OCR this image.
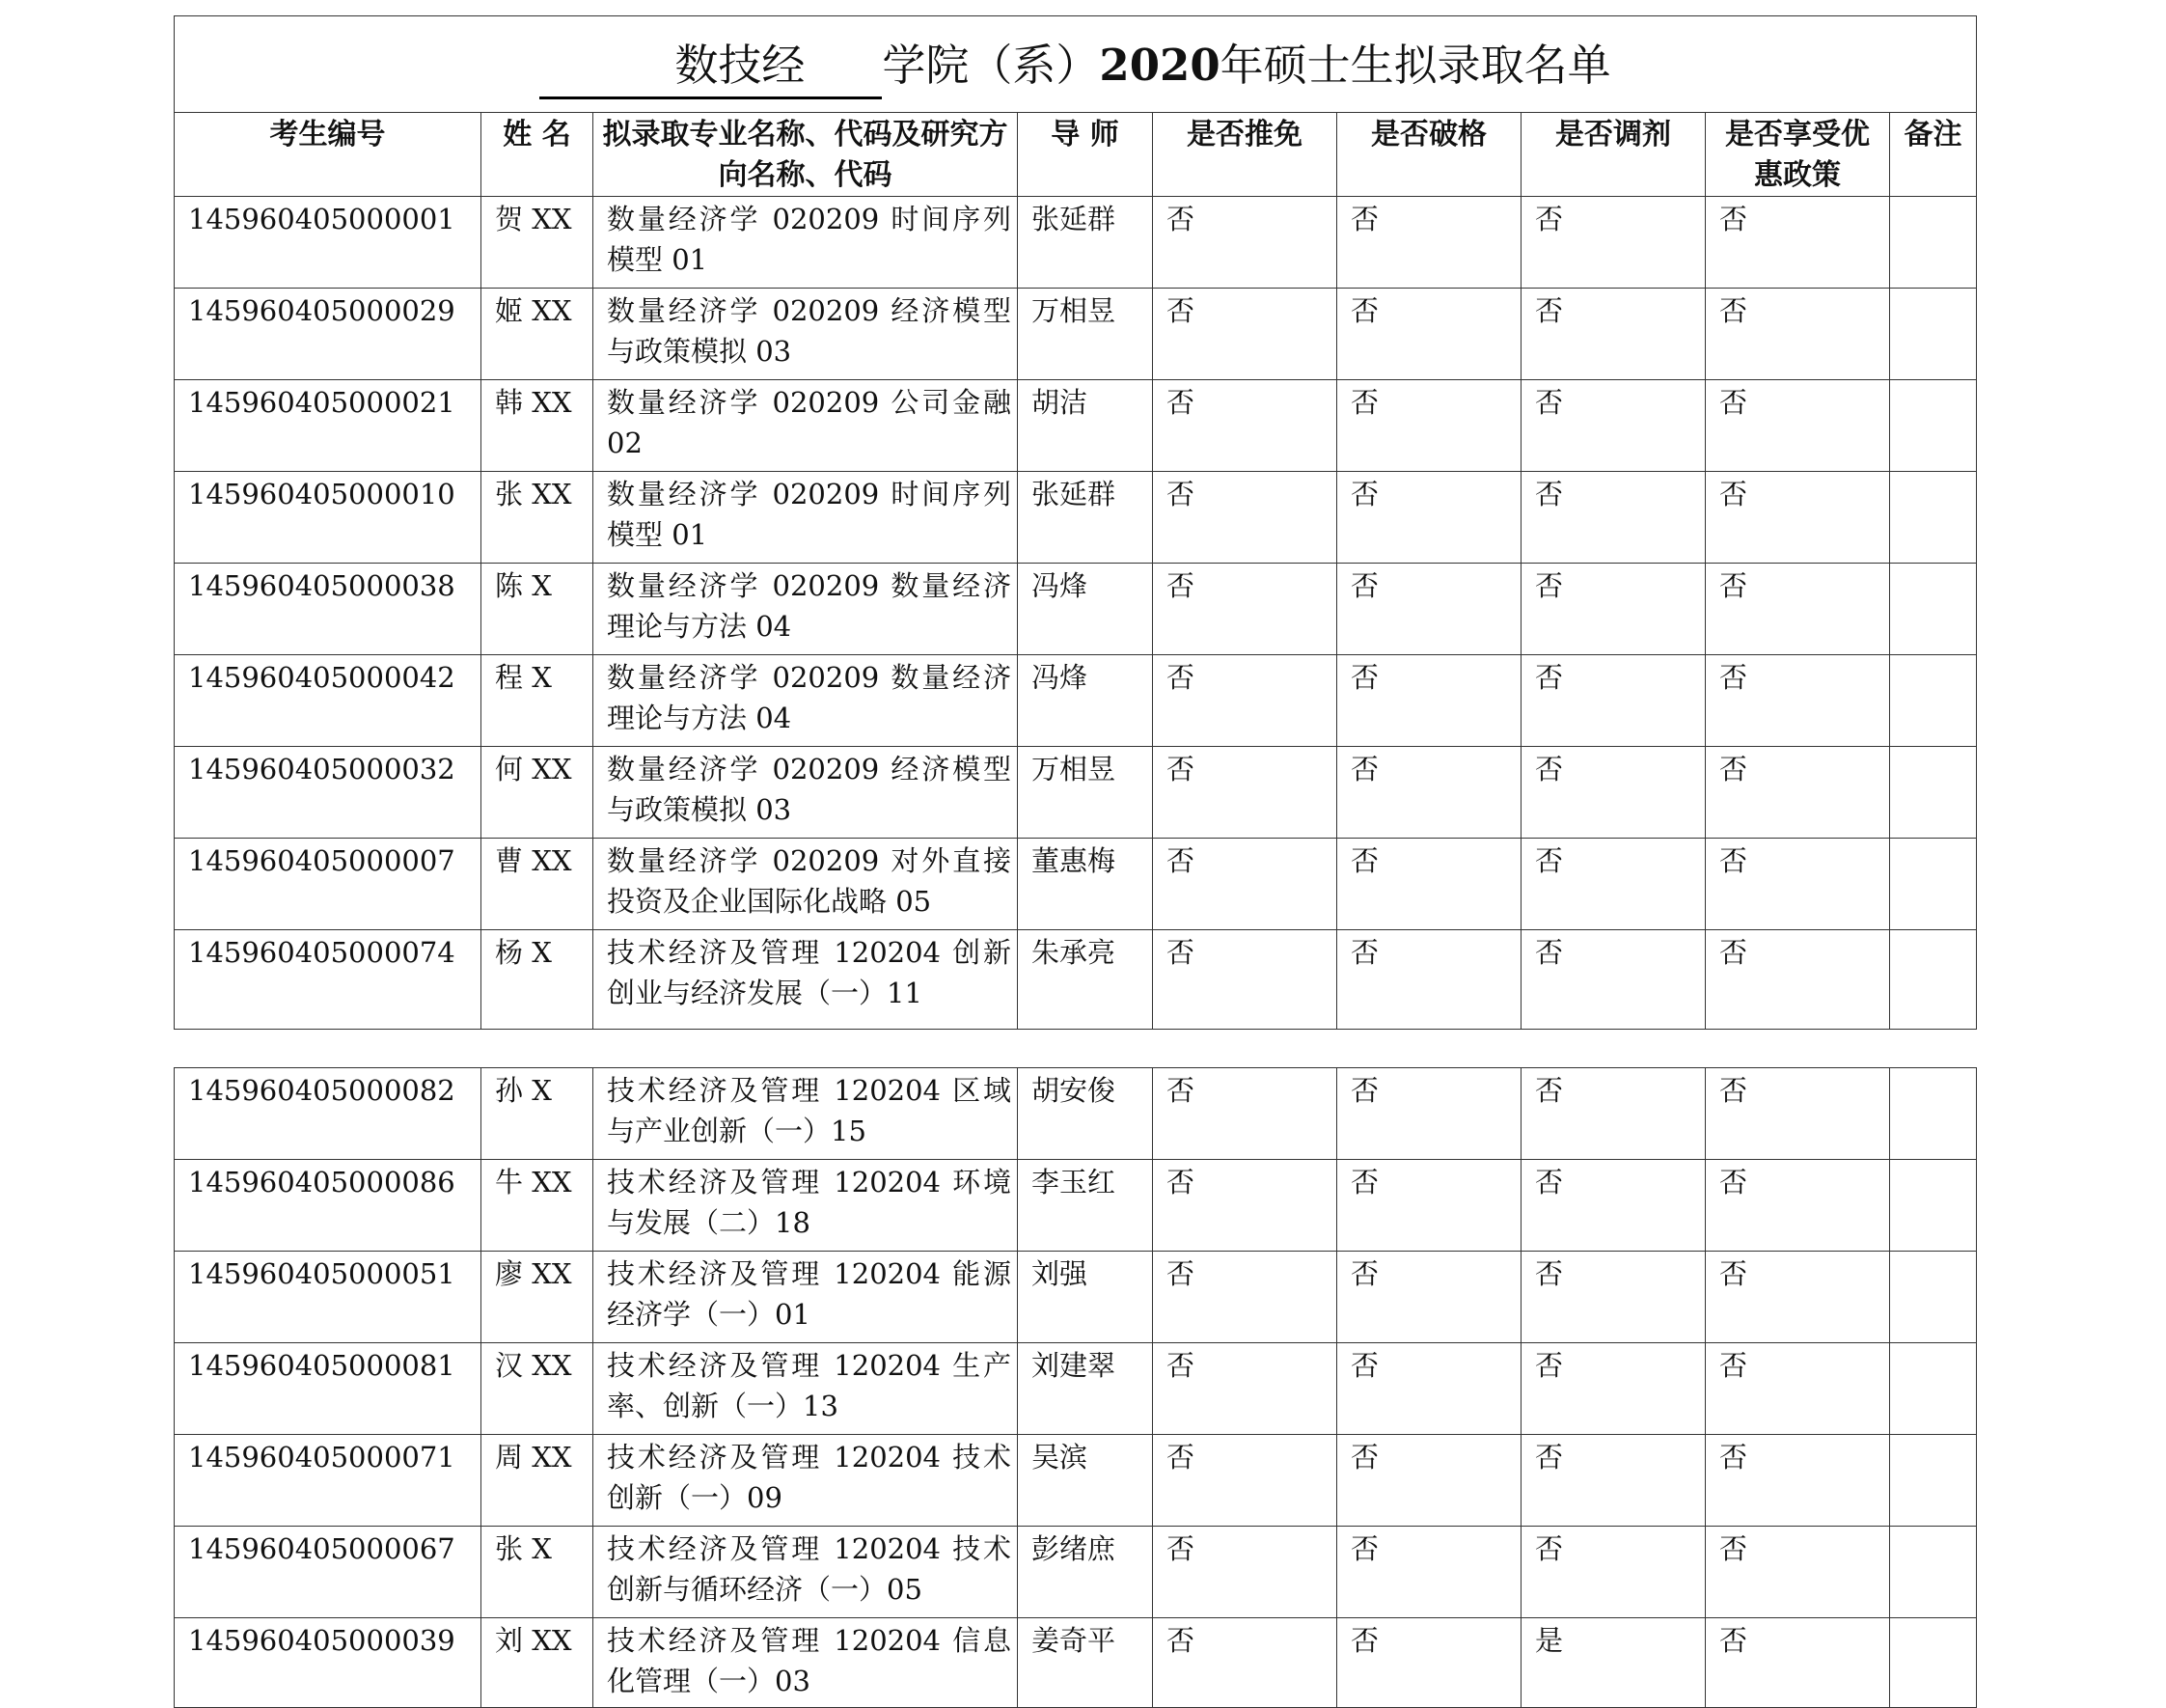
数技经 学院（系）2020年硕士生拟录取名单								
考生编号	姓 名	拟录取专业名称、代码及研究方向名称、代码	导 师	是否推免	是否破格	是否调剂	是否享受优惠政策	备注
145960405000001	贺 XX	数量经济学 020209 时间序列模型 01	张延群	否	否	否	否	
145960405000029	姬 XX	数量经济学 020209 经济模型与政策模拟 03	万相昱	否	否	否	否	
145960405000021	韩 XX	数量经济学 020209 公司金融 02	胡洁	否	否	否	否	
145960405000010	张 XX	数量经济学 020209 时间序列模型 01	张延群	否	否	否	否	
145960405000038	陈 X	数量经济学 020209 数量经济理论与方法 04	冯烽	否	否	否	否	
145960405000042	程 X	数量经济学 020209 数量经济理论与方法 04	冯烽	否	否	否	否	
145960405000032	何 XX	数量经济学 020209 经济模型与政策模拟 03	万相昱	否	否	否	否	
145960405000007	曹 XX	数量经济学 020209 对外直接投资及企业国际化战略 05	董惠梅	否	否	否	否	
145960405000074	杨 X	技术经济及管理 120204 创新创业与经济发展（一）11	朱承亮	否	否	否	否	
145960405000082	孙 X	技术经济及管理 120204 区域与产业创新（一）15	胡安俊	否	否	否	否	
145960405000086	牛 XX	技术经济及管理 120204 环境与发展（二）18	李玉红	否	否	否	否	
145960405000051	廖 XX	技术经济及管理 120204 能源经济学（一）01	刘强	否	否	否	否	
145960405000081	汉 XX	技术经济及管理 120204 生产率、创新（一）13	刘建翠	否	否	否	否	
145960405000071	周 XX	技术经济及管理 120204 技术创新（一）09	吴滨	否	否	否	否	
145960405000067	张 X	技术经济及管理 120204 技术创新与循环经济（一）05	彭绪庶	否	否	否	否	
145960405000039	刘 XX	技术经济及管理 120204 信息化管理（一）03	姜奇平	否	否	是	否	
